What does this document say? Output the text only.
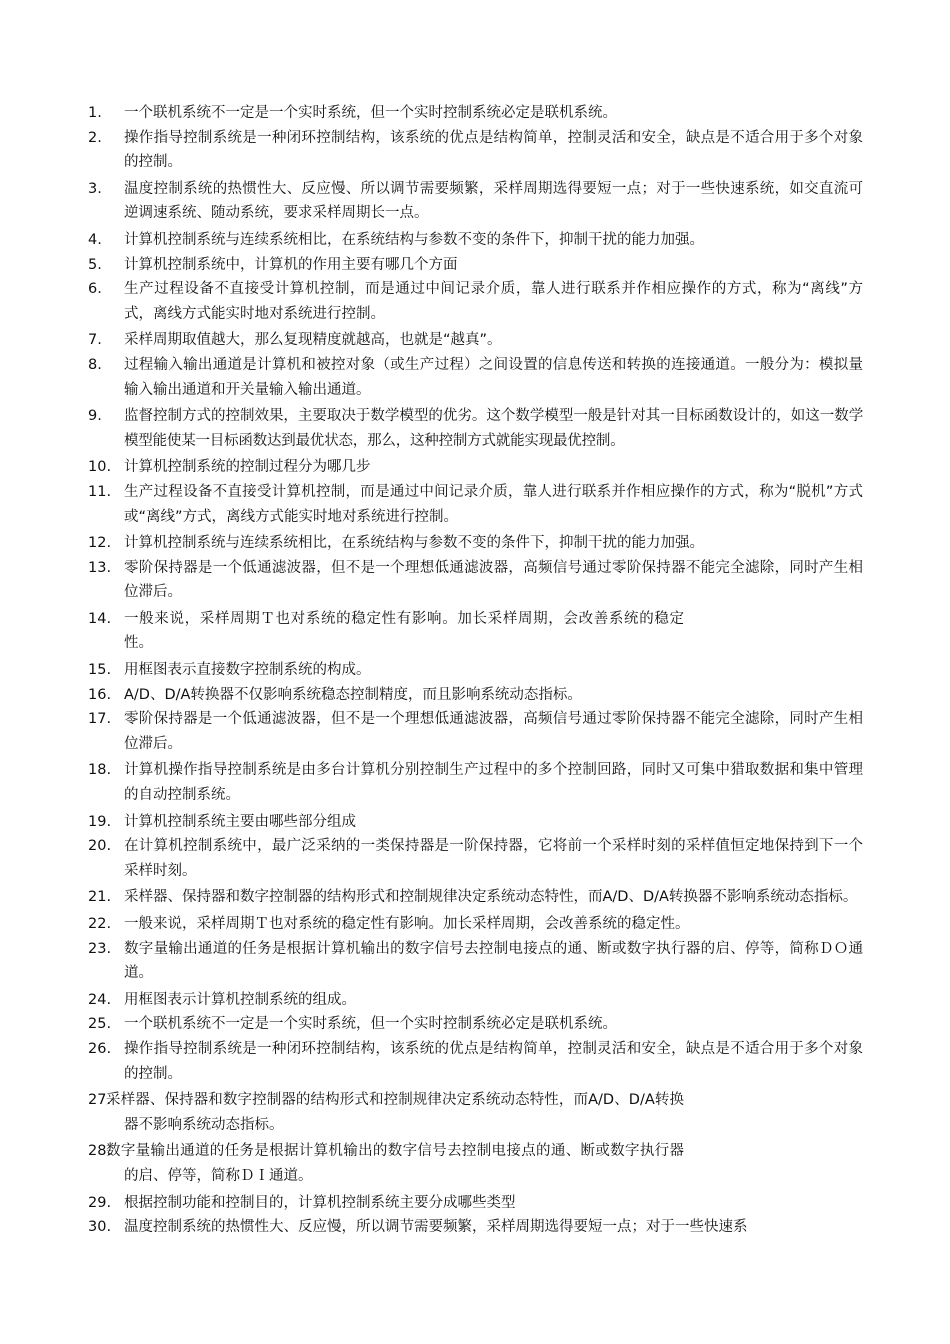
1.	一个联机系统不一定是一个实时系统，但一个实时控制系统必定是联机系统。
2.	操作指导控制系统是一种闭环控制结构，该系统的优点是结构简单，控制灵活和安全，缺点是不适合用于多个对象的控制。
3.	温度控制系统的热惯性大、反应慢、所以调节需要频繁，采样周期选得要短一点；对于一些快速系统，如交直流可逆调速系统、随动系统，要求采样周期长一点。
4.	计算机控制系统与连续系统相比，在系统结构与参数不变的条件下，抑制干扰的能力加强。
5.	计算机控制系统中，计算机的作用主要有哪几个方面
6.	生产过程设备不直接受计算机控制，而是通过中间记录介质，靠人进行联系并作相应操作的方式，称为“离线”方式，离线方式能实时地对系统进行控制。
7.	采样周期取值越大，那么复现精度就越高，也就是“越真”。
8.	过程输入输出通道是计算机和被控对象（或生产过程）之间设置的信息传送和转换的连接通道。一般分为：模拟量输入输出通道和开关量输入输出通道。
9.	监督控制方式的控制效果，主要取决于数学模型的优劣。这个数学模型一般是针对其一目标函数设计的，如这一数学模型能使某一目标函数达到最优状态，那么，这种控制方式就能实现最优控制。
10. 计算机控制系统的控制过程分为哪几步
11. 生产过程设备不直接受计算机控制，而是通过中间记录介质，靠人进行联系并作相应操作的方式，称为“脱机”方式或“离线”方式，离线方式能实时地对系统进行控制。
12. 计算机控制系统与连续系统相比，在系统结构与参数不变的条件下，抑制干扰的能力加强。
13. 零阶保持器是一个低通滤波器，但不是一个理想低通滤波器，高频信号通过零阶保持器不能完全滤除，同时产生相位滞后。
14. 一般来说，采样周期Ｔ也对系统的稳定性有影响。加长采样周期，会改善系统的稳定性。
15. 用框图表示直接数字控制系统的构成。
16. A/D、D/A转换器不仅影响系统稳态控制精度，而且影响系统动态指标。
17. 零阶保持器是一个低通滤波器，但不是一个理想低通滤波器，高频信号通过零阶保持器不能完全滤除，同时产生相位滞后。
18. 计算机操作指导控制系统是由多台计算机分别控制生产过程中的多个控制回路，同时又可集中猎取数据和集中管理的自动控制系统。
19. 计算机控制系统主要由哪些部分组成
20. 在计算机控制系统中，最广泛采纳的一类保持器是一阶保持器，它将前一个采样时刻的采样值恒定地保持到下一个采样时刻。
21. 采样器、保持器和数字控制器的结构形式和控制规律决定系统动态特性，而A/D、D/A转换器不影响系统动态指标。
22. 一般来说，采样周期Ｔ也对系统的稳定性有影响。加长采样周期，会改善系统的稳定性。
23. 数字量输出通道的任务是根据计算机输出的数字信号去控制电接点的通、断或数字执行器的启、停等，简称ＤＯ通道。
24. 用框图表示计算机控制系统的组成。
25. 一个联机系统不一定是一个实时系统，但一个实时控制系统必定是联机系统。
26. 操作指导控制系统是一种闭环控制结构，该系统的优点是结构简单，控制灵活和安全，缺点是不适合用于多个对象的控制。
27.
采样器、保持器和数字控制器的结构形式和控制规律决定系统动态特性，而A/D、D/A转换器不影响系统动态指标。
28.
数字量输出通道的任务是根据计算机输出的数字信号去控制电接点的通、断或数字执行器的启、停等，简称ＤＩ通道。
29. 根据控制功能和控制目的，计算机控制系统主要分成哪些类型
30. 温度控制系统的热惯性大、反应慢，所以调节需要频繁，采样周期选得要短一点；对于一些快速系
